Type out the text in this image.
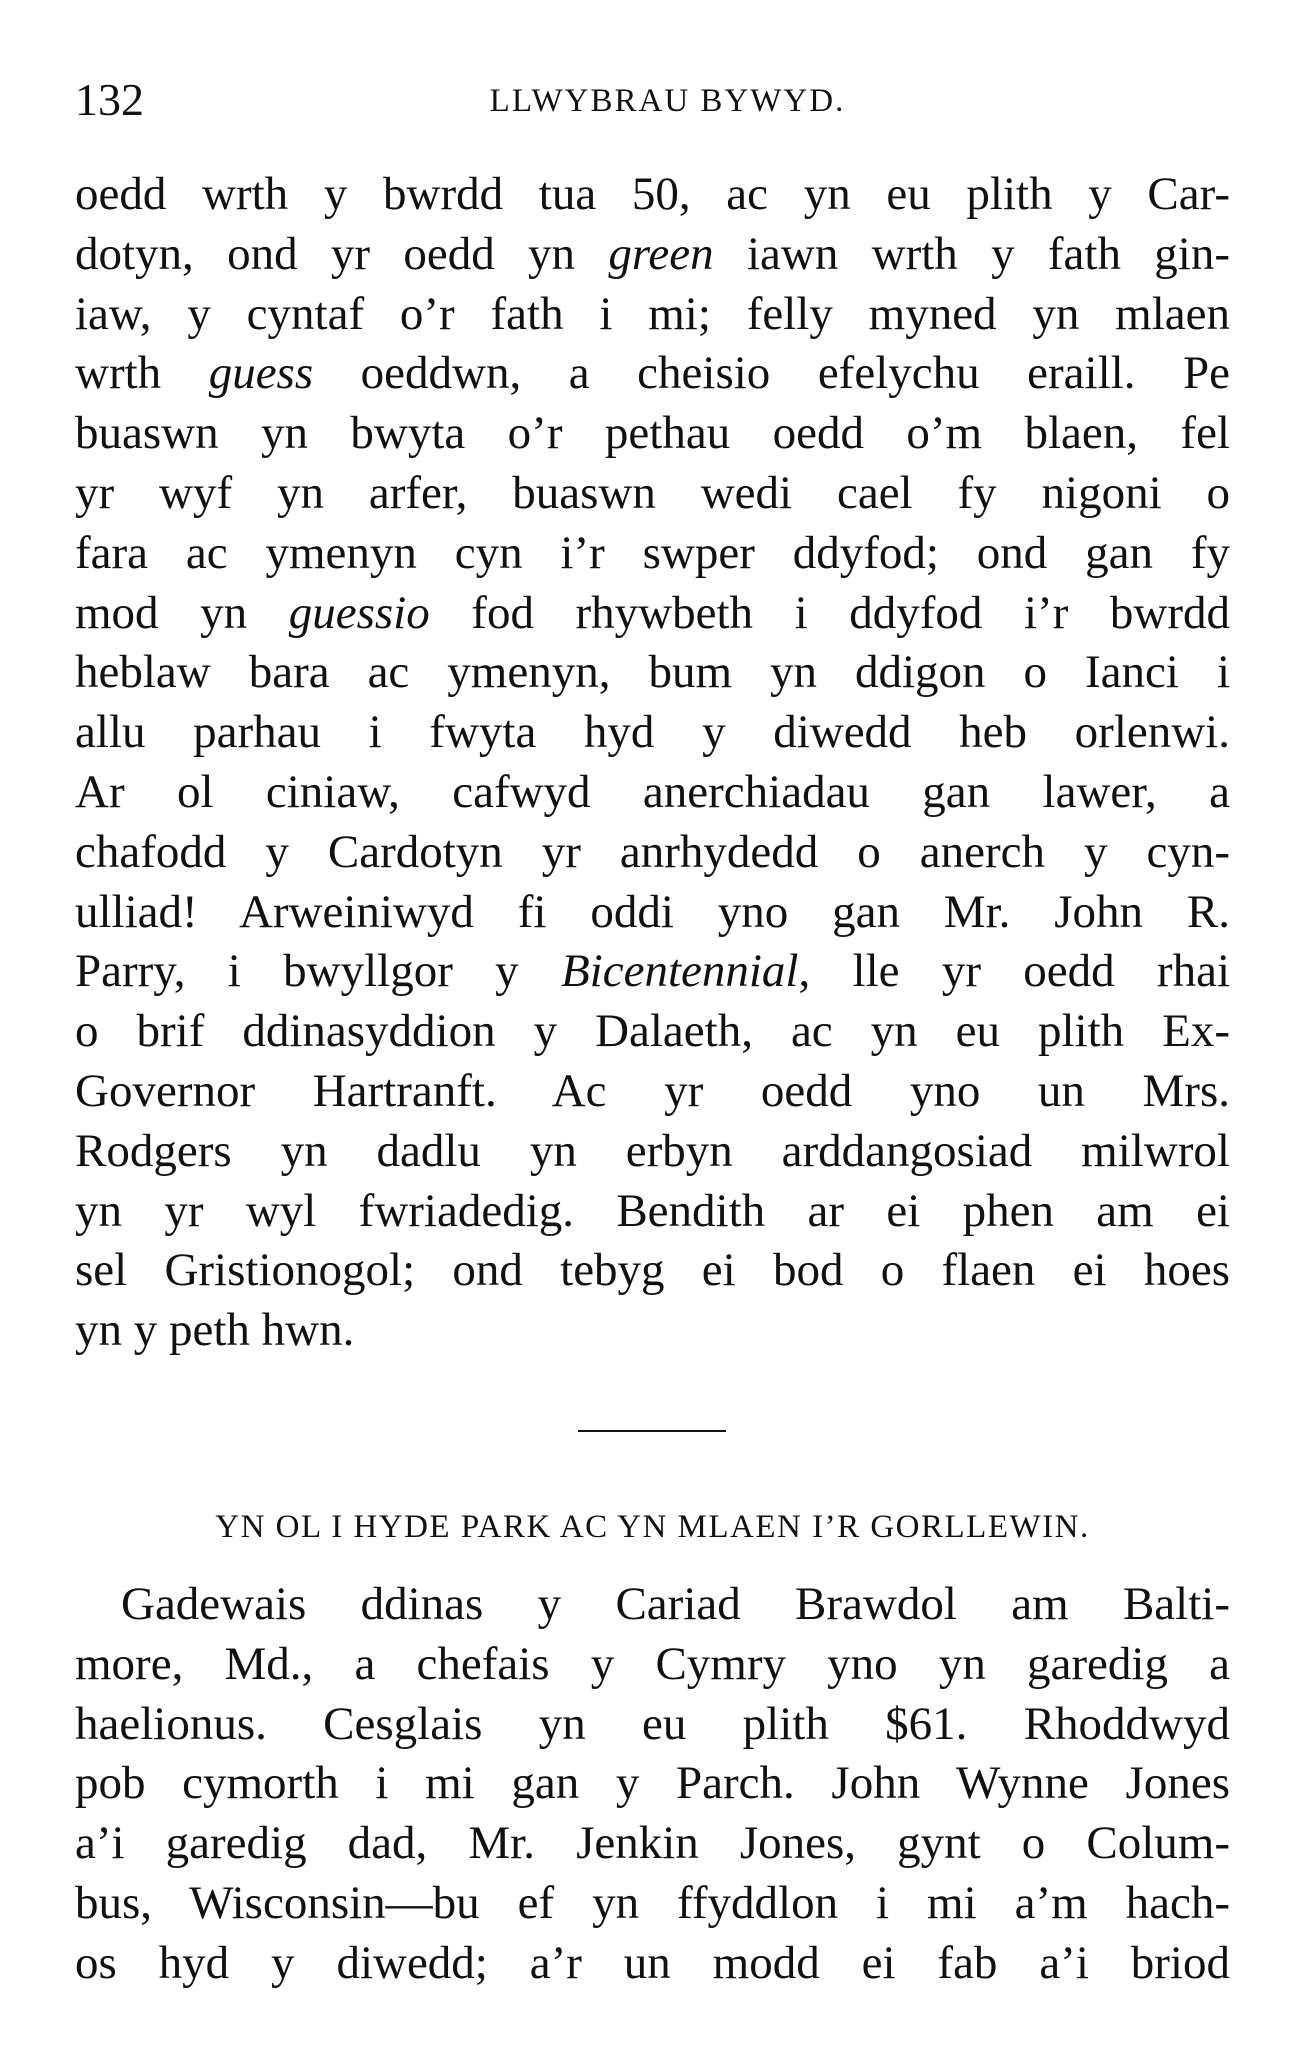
132	LLWYBRAU BYWYD.
oedd wrth y bwrdd tua 50, ac yn eu plith y Car-
dotyn, ond yr oedd yn green iawn wrth y fath gin-
iaw, y cyntaf o’r fath i mi; felly myned yn mlaen
wrth guess oeddwn, a cheisio efelychu eraill. Pe
buaswn yn bwyta o’r pethau oedd o’m blaen, fel
yr wyf yn arfer, buaswn wedi cael fy nigoni o
fara ac ymenyn cyn i’r swper ddyfod; ond gan fy
mod yn guessio fod rhywbeth i ddyfod i’r bwrdd
heblaw bara ac ymenyn, bum yn ddigon o Ianci i
allu parhau i fwyta hyd y diwedd heb orlenwi.
Ar ol ciniaw, cafwyd anerchiadau gan lawer, a
chafodd y Cardotyn yr anrhydedd o anerch y cyn-
ulliad! Arweiniwyd fi oddi yno gan Mr. John R.
Parry, i bwyllgor y Bicentennial, lle yr oedd rhai
o brif ddinasyddion y Dalaeth, ac yn eu plith Ex-
Governor Hartranft. Ac yr oedd yno un Mrs.
Rodgers yn dadlu yn erbyn arddangosiad milwrol
yn yr wyl fwriadedig. Bendith ar ei phen am ei
sel Gristionogol; ond tebyg ei bod o flaen ei hoes
yn y peth hwn.
YN OL I HYDE PARK AC YN MLAEN I’R GORLLEWIN.
Gadewais ddinas y Cariad Brawdol am Balti-
more, Md., a chefais y Cymry yno yn garedig a
haelionus. Cesglais yn eu plith $61. Rhoddwyd
pob cymorth i mi gan y Parch. John Wynne Jones
a’i garedig dad, Mr. Jenkin Jones, gynt o Colum-
bus, Wisconsin—bu ef yn ffyddlon i mi a’m hach-
os hyd y diwedd; a’r un modd ei fab a’i briod
